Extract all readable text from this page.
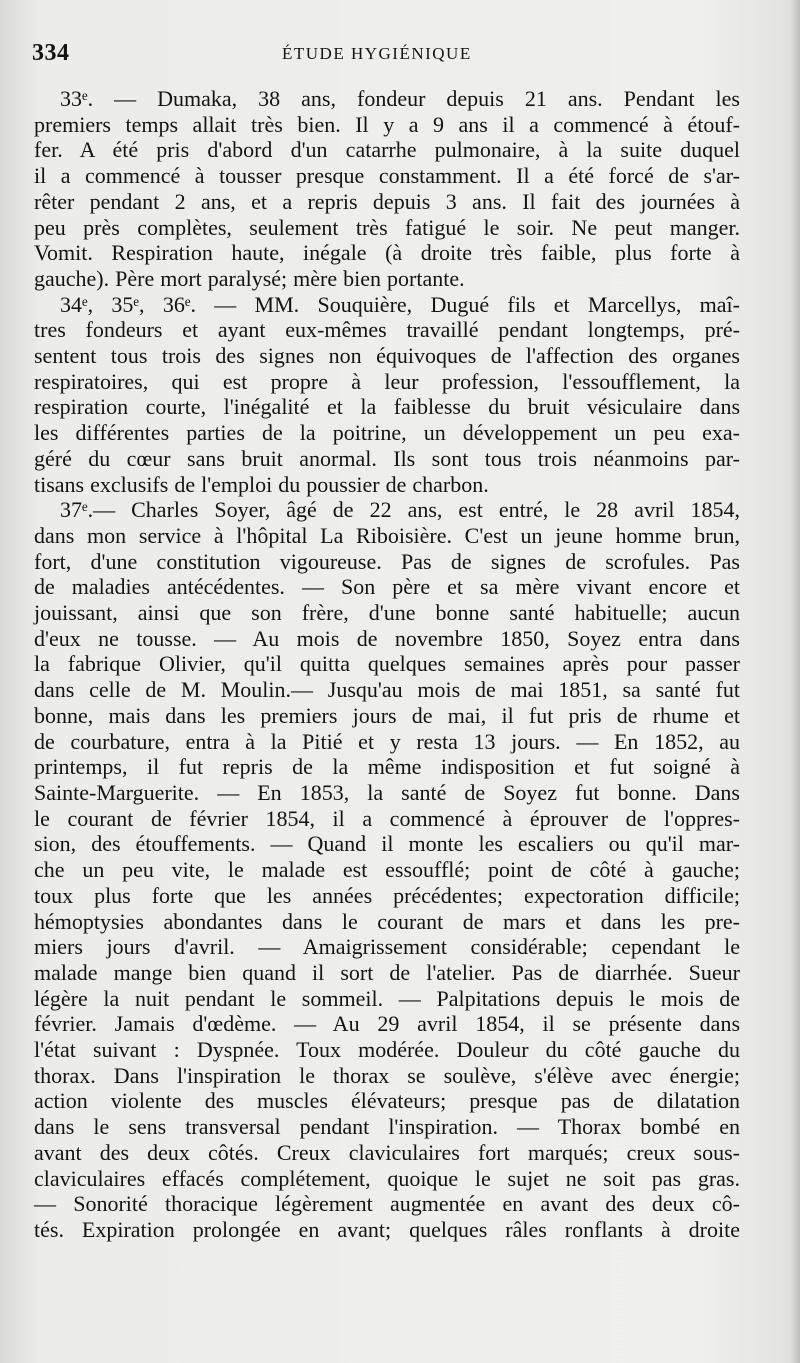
334	ÉTUDE HYGIÉNIQUE

33ᵉ. — Dumaka, 38 ans, fondeur depuis 21 ans. Pendant les
premiers temps allait très bien. Il y a 9 ans il a commencé à étouf-
fer. A été pris d'abord d'un catarrhe pulmonaire, à la suite duquel
il a commencé à tousser presque constamment. Il a été forcé de s'ar-
rêter pendant 2 ans, et a repris depuis 3 ans. Il fait des journées à
peu près complètes, seulement très fatigué le soir. Ne peut manger.
Vomit. Respiration haute, inégale (à droite très faible, plus forte à
gauche). Père mort paralysé; mère bien portante.

34ᵉ, 35ᵉ, 36ᵉ. — MM. Souquière, Dugué fils et Marcellys, maî-
tres fondeurs et ayant eux-mêmes travaillé pendant longtemps, pré-
sentent tous trois des signes non équivoques de l'affection des organes
respiratoires, qui est propre à leur profession, l'essoufflement, la
respiration courte, l'inégalité et la faiblesse du bruit vésiculaire dans
les différentes parties de la poitrine, un développement un peu exa-
géré du cœur sans bruit anormal. Ils sont tous trois néanmoins par-
tisans exclusifs de l'emploi du poussier de charbon.

37ᵉ.— Charles Soyer, âgé de 22 ans, est entré, le 28 avril 1854,
dans mon service à l'hôpital La Riboisière. C'est un jeune homme brun,
fort, d'une constitution vigoureuse. Pas de signes de scrofules. Pas
de maladies antécédentes. — Son père et sa mère vivant encore et
jouissant, ainsi que son frère, d'une bonne santé habituelle; aucun
d'eux ne tousse. — Au mois de novembre 1850, Soyez entra dans
la fabrique Olivier, qu'il quitta quelques semaines après pour passer
dans celle de M. Moulin.— Jusqu'au mois de mai 1851, sa santé fut
bonne, mais dans les premiers jours de mai, il fut pris de rhume et
de courbature, entra à la Pitié et y resta 13 jours. — En 1852, au
printemps, il fut repris de la même indisposition et fut soigné à
Sainte-Marguerite. — En 1853, la santé de Soyez fut bonne. Dans
le courant de février 1854, il a commencé à éprouver de l'oppres-
sion, des étouffements. — Quand il monte les escaliers ou qu'il mar-
che un peu vite, le malade est essoufflé; point de côté à gauche;
toux plus forte que les années précédentes; expectoration difficile;
hémoptysies abondantes dans le courant de mars et dans les pre-
miers jours d'avril. — Amaigrissement considérable; cependant le
malade mange bien quand il sort de l'atelier. Pas de diarrhée. Sueur
légère la nuit pendant le sommeil. — Palpitations depuis le mois de
février. Jamais d'œdème. — Au 29 avril 1854, il se présente dans
l'état suivant : Dyspnée. Toux modérée. Douleur du côté gauche du
thorax. Dans l'inspiration le thorax se soulève, s'élève avec énergie;
action violente des muscles élévateurs; presque pas de dilatation
dans le sens transversal pendant l'inspiration. — Thorax bombé en
avant des deux côtés. Creux claviculaires fort marqués; creux sous-
claviculaires effacés complétement, quoique le sujet ne soit pas gras.
— Sonorité thoracique légèrement augmentée en avant des deux cô-
tés. Expiration prolongée en avant; quelques râles ronflants à droite
